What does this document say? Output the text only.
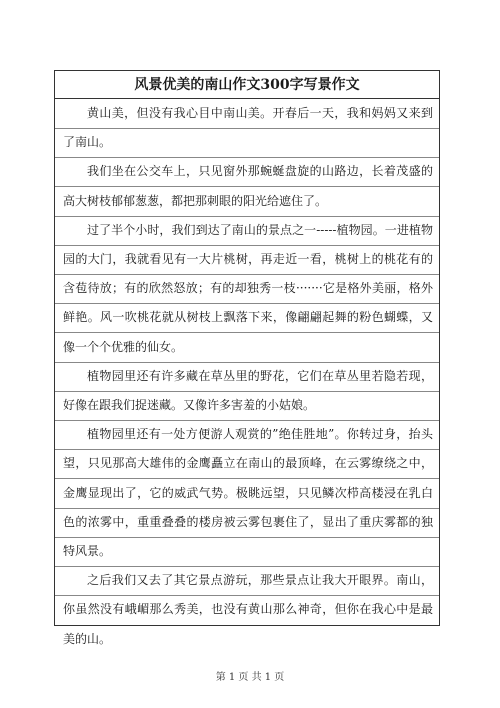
风景优美的南山作文300字写景作文

黄山美，但没有我心目中南山美。开春后一天，我和妈妈又来到了南山。

我们坐在公交车上，只见窗外那蜿蜒盘旋的山路边，长着茂盛的高大树枝郁郁葱葱，都把那刺眼的阳光给遮住了。

过了半个小时，我们到达了南山的景点之一-----植物园。一进植物园的大门，我就看见有一大片桃树，再走近一看，桃树上的桃花有的含苞待放；有的欣然怒放；有的却独秀一枝·······它是格外美丽，格外鲜艳。风一吹桃花就从树枝上飘落下来，像翩翩起舞的粉色蝴蝶，又像一个个优雅的仙女。

植物园里还有许多藏在草丛里的野花，它们在草丛里若隐若现，好像在跟我们捉迷藏。又像许多害羞的小姑娘。

植物园里还有一处方便游人观赏的”绝佳胜地”。你转过身，抬头望，只见那高大雄伟的金鹰矗立在南山的最顶峰，在云雾缭绕之中，金鹰显现出了，它的威武气势。极眺远望，只见鳞次栉高楼浸在乳白色的浓雾中，重重叠叠的楼房被云雾包裹住了，显出了重庆雾都的独特风景。

之后我们又去了其它景点游玩，那些景点让我大开眼界。南山，你虽然没有峨嵋那么秀美，也没有黄山那么神奇，但你在我心中是最美的山。

第 1 页 共 1 页
